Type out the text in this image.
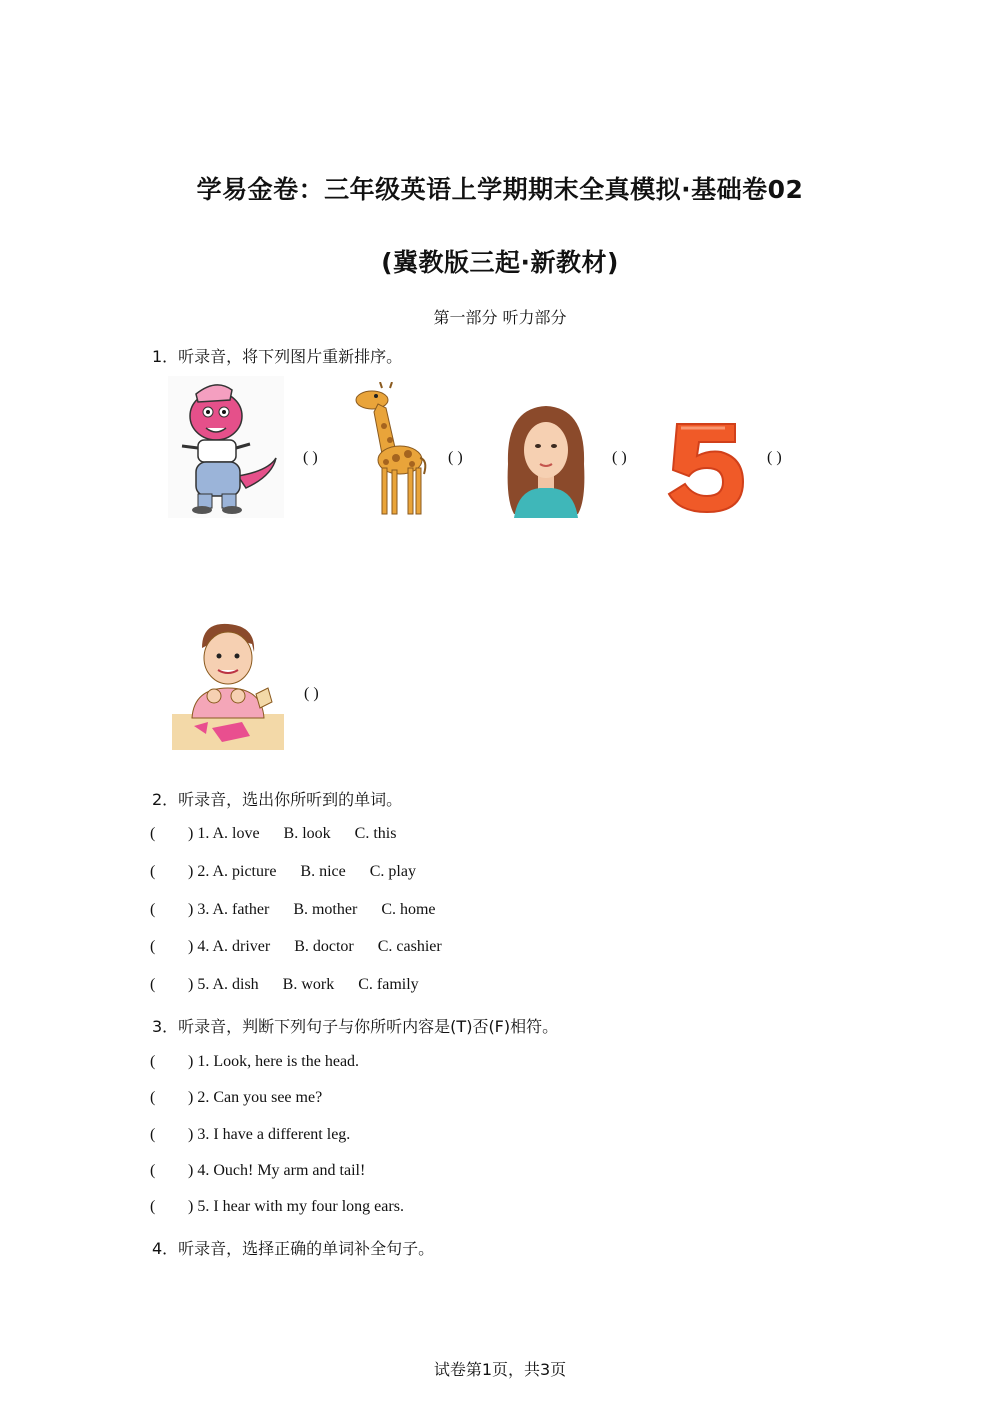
学易金卷：三年级英语上学期期末全真模拟·基础卷02
(冀教版三起·新教材)
第一部分 听力部分
1．听录音，将下列图片重新排序。
( )	( )	( )	( )
( )
2．听录音，选出你所听到的单词。
( ) 1. A. love B. look C. this
( ) 2. A. picture B. nice C. play
( ) 3. A. father B. mother C. home
( ) 4. A. driver B. doctor C. cashier
( ) 5. A. dish B. work C. family
3．听录音，判断下列句子与你所听内容是(T)否(F)相符。
( ) 1. Look, here is the head.
( ) 2. Can you see me?
( ) 3. I have a different leg.
( ) 4. Ouch! My arm and tail!
( ) 5. I hear with my four long ears.
4．听录音，选择正确的单词补全句子。
试卷第1页，共3页
